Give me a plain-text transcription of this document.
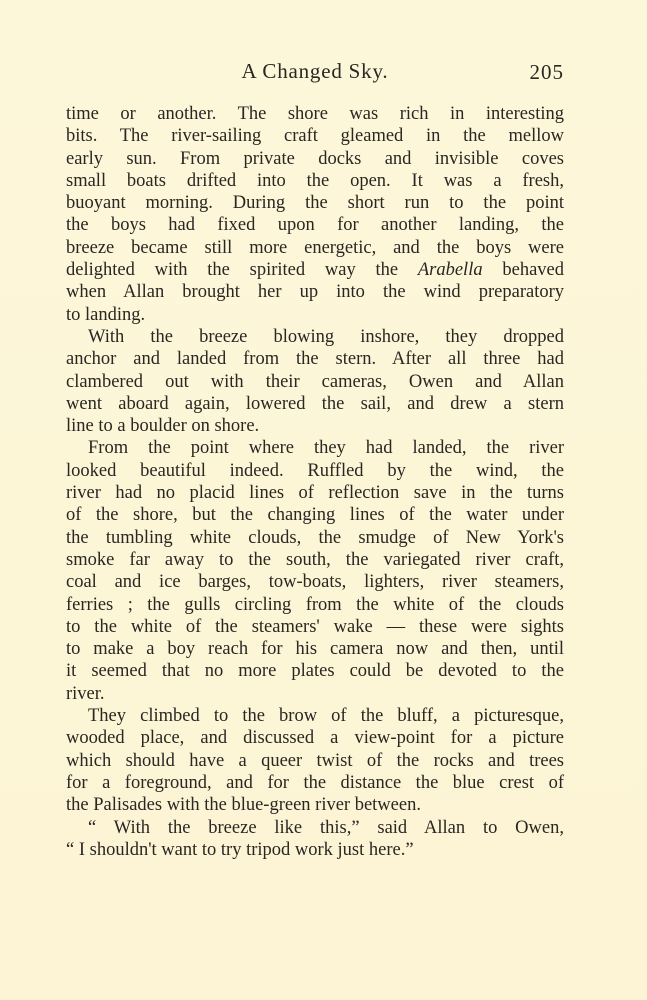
A Changed Sky.	205
time or another. The shore was rich in interesting
bits. The river-sailing craft gleamed in the mellow
early sun. From private docks and invisible coves
small boats drifted into the open. It was a fresh,
buoyant morning. During the short run to the point
the boys had fixed upon for another landing, the
breeze became still more energetic, and the boys were
delighted with the spirited way the Arabella behaved
when Allan brought her up into the wind preparatory
to landing.
With the breeze blowing inshore, they dropped
anchor and landed from the stern. After all three had
clambered out with their cameras, Owen and Allan
went aboard again, lowered the sail, and drew a stern
line to a boulder on shore.
From the point where they had landed, the river
looked beautiful indeed. Ruffled by the wind, the
river had no placid lines of reflection save in the turns
of the shore, but the changing lines of the water under
the tumbling white clouds, the smudge of New York's
smoke far away to the south, the variegated river craft,
coal and ice barges, tow-boats, lighters, river steamers,
ferries ; the gulls circling from the white of the clouds
to the white of the steamers' wake — these were sights
to make a boy reach for his camera now and then, until
it seemed that no more plates could be devoted to the
river.
They climbed to the brow of the bluff, a picturesque,
wooded place, and discussed a view-point for a picture
which should have a queer twist of the rocks and trees
for a foreground, and for the distance the blue crest of
the Palisades with the blue-green river between.
“ With the breeze like this,” said Allan to Owen,
“ I shouldn't want to try tripod work just here.”
